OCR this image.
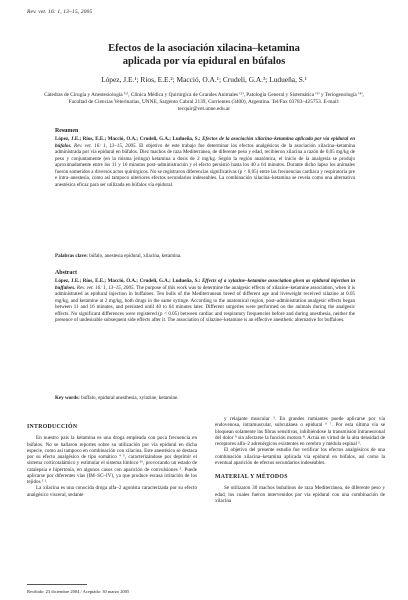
Rev. vet. 16: 1, 13–15, 2005
Efectos de la asociación xilacina–ketamina
aplicada por vía epidural en búfalos
López, J.E.¹; Ríos, E.E.²; Macció, O.A.¹; Crudeli, G.A.³; Ludueña, S.¹
Cátedras de Cirugía y Anestesiología ⁽¹⁾, Clínica Médica y Quirúrgica de Grandes Animales ⁽²⁾, Patología General y Sistemática ⁽³⁾ y Teriogenología ⁽⁴⁾, Facultad de Ciencias Veterinarias, UNNE, Sargento Cabral 2139, Corrientes (3400), Argentina. Tel/Fax 03783–425753. E-mail: tecquir@vet.unne.edu.ar
Resumen
López, J.E.; Ríos, E.E.; Macció, O.A.; Crudeli, G.A.; Ludueña, S.: Efectos de la asociación xilacina–ketamina aplicada por vía epidural en búfalos. Rev. vet. 16: 1, 13–15, 2005. El objetivo de este trabajo fue determinar los efectos analgésicos de la asociación xilacina–ketamina administrada por vía epidural en búfalos. Diez machos de raza Mediterránea, de diferente peso y edad, recibieron xilacina a razón de 0,05 mg/kg de peso y conjuntamente (en la misma jeringa) ketamina a dosis de 2 mg/kg. Según la región anatómica, el inicio de la analgesia se produjo aproximadamente entre los 11 y 16 minutos post–administración y el efecto persistió hasta los 40 a 64 minutos. Durante dicho lapso los animales fueron sometidos a diversos actos quirúrgicos. No se registraron diferencias significativas (p < 0,05) entre las frecuencias cardíaca y respiratoria pre e intra–anestesia, como así tampoco ulteriores efectos secundarios indeseables. La combinación xilacina–ketamina se revela como una alternativa anestésica eficaz para ser utilizada en búfalos vía epidural.
Palabras clave: búfalo, anestesia epidural, xilacina, ketamina.
Abstract
López, J.E.; Ríos, E.E.; Macció, O.A.; Crudeli, G.A.; Ludueña, S.: Effects of a xylazine–ketamine association given as epidural injection in buffaloes. Rev. vet. 16: 1, 13–15, 2005. The purpose of this work was to determine the analgesic effects of xilazine–ketamine association, when it is administrated as epidural injection in buffaloes. Ten bulls of the Mediterranean breed of different age and liveweight received xilazine at 0.05 mg/kg, and ketamine at 2 mg/kg, both drugs in the same syringe. According to the anatomical region, post–administration analgesic effects began between 11 and 16 minutes, and persisted until 40 to 64 minutes later. Different surgeries were performed on the animals during the analgesic effects. No significant differences were registered (p < 0.05) between cardiac and respiratory frequencies before and during anesthesia, neither the presence of undesirable subsequent side effects after it. The association of xilazine–ketamine is an effective anesthetic alternative for buffaloes.
Key words: buffalo, epidural anesthesia, xylazine, ketamine.
INTRODUCCIÓN

En nuestro país la ketamina es una droga empleada con poca frecuencia en búfalos. No se hallaron reportes sobre su utilización por vía epidural en dicha especie, como así tampoco en combinación con xilacina. Este anestésico se destaca por su efecto analgésico de tipo somático ⁴ ⁵, caracterizándose por deprimir el sistema corticotalámico y estimular el sistema límbico ¹⁶, provocando un estado de catalepsia e hipertonía, en algunos casos con aparición de convulsiones ⁵. Puede aplicarse por diferentes vías (IM–SC–IV), ya que produce escasa irritación de los tejidos ¹ ².

La xilacina es una conocida droga alfa–2 agonista caracterizada por su efecto analgésico visceral, sedante

y relajante muscular ³. En grandes rumiantes puede aplicarse por vía endovenosa, intramuscular, subcutánea o epidural ⁶ ⁷. Por esta última vía se bloquean solamente las fibras sensitivas, inhibiéndose la transmisión intraneuronal del dolor ⁹ sin afectarse la función motora ⁸. Actúa en virtud de la alta densidad de receptores alfa–2 adrenérgicos existentes en cerebro y médula espinal ⁵.

El objetivo del presente estudio fue verificar los efectos analgésicos de una combinación xilacina–ketamina aplicada vía epidural en búfalos, así como la eventual aparición de efectos secundarios indeseables.

MATERIAL Y MÉTODOS

Se utilizaron 30 machos bubalinos de raza Mediterránea, de diferente peso y edad, los cuales fueron intervenidos por vía epidural con una combinación de xilacina

Recibido: 23 diciembre 2004 / Aceptado: 30 marzo 2005
